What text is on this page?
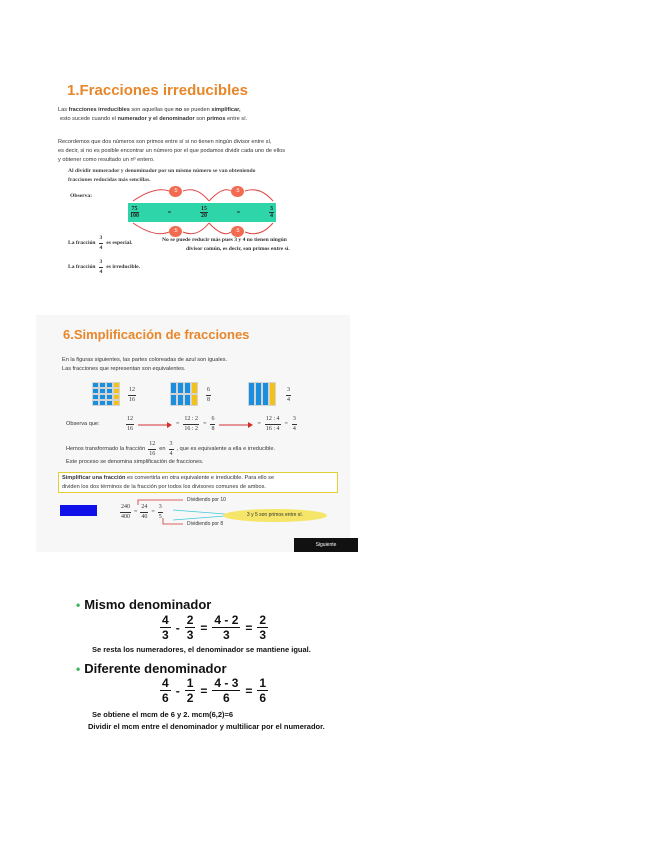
1.Fracciones irreducibles
Las fracciones irreducibles son aquellas que no se pueden simplificar,
esto sucede cuando el numerador y el denominador son primos entre sí.
Recordemos que dos números son primos entre sí si no tienen ningún divisor entre sí,
es decir, si no es posible encontrar un número por el que podamos dividir cada uno de ellos
y obtener como resultado un nº entero.
Al dividir numerador y denominador por un mismo número se van obteniendo
fracciones reducidas más sencillas.
Observa:
$\frac{75}{100}$	=	$\frac{15}{20}$	=	$\frac{3}{4}$
:5	:5
:5	:5
La fracción $\frac{3}{4}$ es especial.	No se puede reducir más pues 3 y 4 no tienen ningún
divisor común, es decir, son primos entre sí.
La fracción $\frac{3}{4}$ es irreducible.
6.Simplificación de fracciones
En la figuras siguientes, las partes coloreadas de azul son iguales.
Las fracciones que representan son equivalentes.
$\frac{12}{16}$	$\frac{6}{8}$	$\frac{3}{4}$
Observa que:	$\frac{12}{16}$	= $\frac{12 : 2}{16 : 2} = \frac{6}{8}$	= $\frac{12 : 4}{16 : 4} = \frac{3}{4}$
Hemos transformado la fracción $\frac{12}{16}$ en $\frac{3}{4}$ , que es equivalente a ella e irreducible.
Este proceso se denomina simplificación de fracciones.
Simplificar una fracción es convertirla en otra equivalente e irreducible. Para ello se
dividen los dos términos de la fracción por todos los divisores comunes de ambos.
$\frac{240}{400} = \frac{24}{40} = \frac{3}{5}$
Dividiendo por 10
Dividiendo por 8
3 y 5 son primos entre sí.
Siguiente
• Mismo denominador
$\frac{4}{3} - \frac{2}{3} = \frac{4 - 2}{3} = \frac{2}{3}$
Se resta los numeradores, el denominador se mantiene igual.
• Diferente denominador
$\frac{4}{6} - \frac{1}{2} = \frac{4 - 3}{6} = \frac{1}{6}$
Se obtiene el mcm de 6 y 2. mcm(6,2)=6
Dividir el mcm entre el denominador y multilicar por el numerador.
